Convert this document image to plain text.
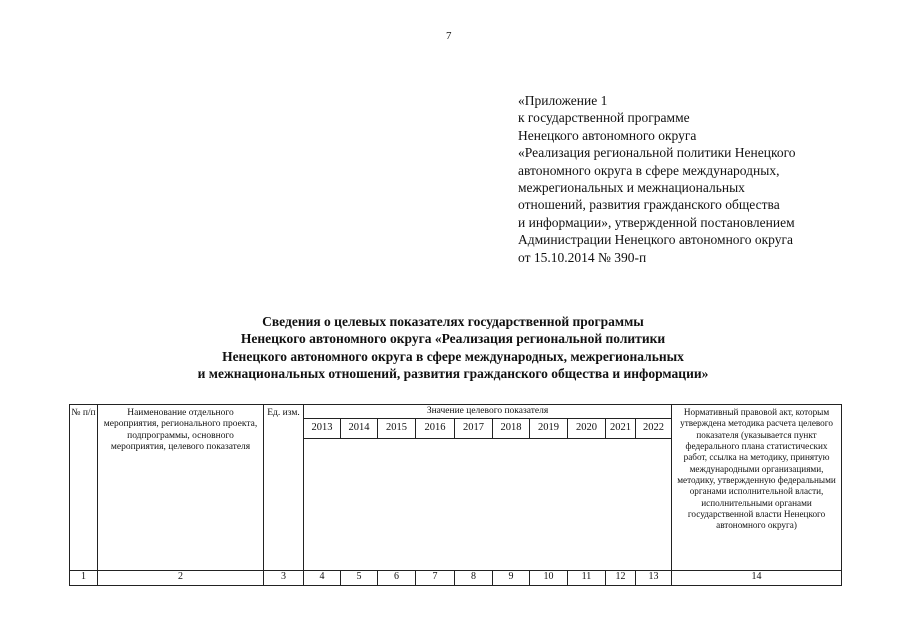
7
«Приложение 1
к государственной программе
Ненецкого автономного округа
«Реализация региональной политики Ненецкого
автономного округа в сфере международных,
межрегиональных и межнациональных
отношений, развития гражданского общества
и информации», утвержденной постановлением
Администрации Ненецкого автономного округа
от 15.10.2014 № 390-п
Сведения о целевых показателях государственной программы
Ненецкого автономного округа «Реализация региональной политики
Ненецкого автономного округа в сфере международных, межрегиональных
и межнациональных отношений, развития гражданского общества и информации»
№ п/п	Наименование отдельного мероприятия, регионального проекта, подпрограммы, основного мероприятия, целевого показателя	Ед. изм.	Значение целевого показателя										Нормативный правовой акт, которым утверждена методика расчета целевого показателя (указывается пункт федерального плана статистических работ, ссылка на методику, принятую международными организациями, методику, утвержденную федеральными органами исполнительной власти, исполнительными органами государственной власти Ненецкого автономного округа)
			2013	2014	2015	2016	2017	2018	2019	2020	2021	2022	

1	2	3	4	5	6	7	8	9	10	11	12	13	14
